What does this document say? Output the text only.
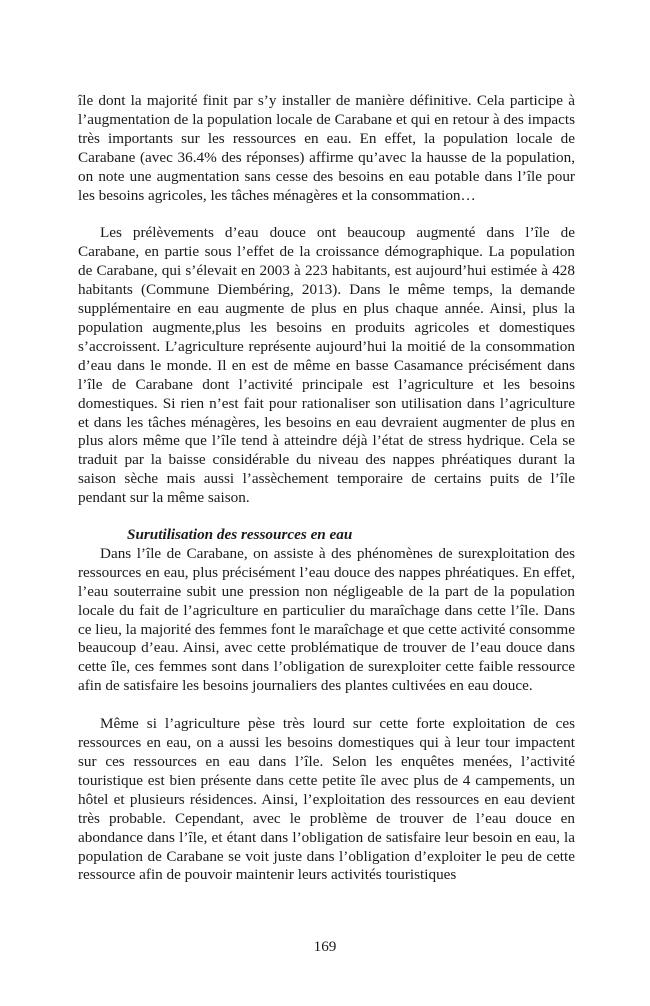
île dont la majorité finit par s’y installer de manière définitive. Cela participe à l’augmentation de la population locale de Carabane et qui en retour à des impacts très importants sur les ressources en eau. En effet, la population locale de Carabane (avec 36.4% des réponses) affirme qu’avec la hausse de la population, on note une augmentation sans cesse des besoins en eau potable dans l’île pour les besoins agricoles, les tâches ménagères et la consommation…

Les prélèvements d’eau douce ont beaucoup augmenté dans l’île de Carabane, en partie sous l’effet de la croissance démographique. La population de Carabane, qui s’élevait en 2003 à 223 habitants, est aujourd’hui estimée à 428 habitants (Commune Diembéring, 2013). Dans le même temps, la demande supplémentaire en eau augmente de plus en plus chaque année. Ainsi, plus la population augmente,plus les besoins en produits agricoles et domestiques s’accroissent. L’agriculture représente aujourd’hui la moitié de la consommation d’eau dans le monde. Il en est de même en basse Casamance précisément dans l’île de Carabane dont l’activité principale est l’agriculture et les besoins domestiques. Si rien n’est fait pour rationaliser son utilisation dans l’agriculture et dans les tâches ménagères, les besoins en eau devraient augmenter de plus en plus alors même que l’île tend à atteindre déjà l’état de stress hydrique. Cela se traduit par la baisse considérable du niveau des nappes phréatiques durant la saison sèche mais aussi l’assèchement temporaire de certains puits de l’île pendant sur la même saison.

Surutilisation des ressources en eau

Dans l’île de Carabane, on assiste à des phénomènes de surexploitation des ressources en eau, plus précisément l’eau douce des nappes phréatiques. En effet, l’eau souterraine subit une pression non négligeable de la part de la population locale du fait de l’agriculture en particulier du maraîchage dans cette l’île. Dans ce lieu, la majorité des femmes font le maraîchage et que cette activité consomme beaucoup d’eau. Ainsi, avec cette problématique de trouver de l’eau douce dans cette île, ces femmes sont dans l’obligation de surexploiter cette faible ressource afin de satisfaire les besoins journaliers des plantes cultivées en eau douce.

Même si l’agriculture pèse très lourd sur cette forte exploitation de ces ressources en eau, on a aussi les besoins domestiques qui à leur tour impactent sur ces ressources en eau dans l’île. Selon les enquêtes menées, l’activité touristique est bien présente dans cette petite île avec plus de 4 campements, un hôtel et plusieurs résidences. Ainsi, l’exploitation des ressources en eau devient très probable. Cependant, avec le problème de trouver de l’eau douce en abondance dans l’île, et étant dans l’obligation de satisfaire leur besoin en eau, la population de Carabane se voit juste dans l’obligation d’exploiter le peu de cette ressource afin de pouvoir maintenir leurs activités touristiques

169
